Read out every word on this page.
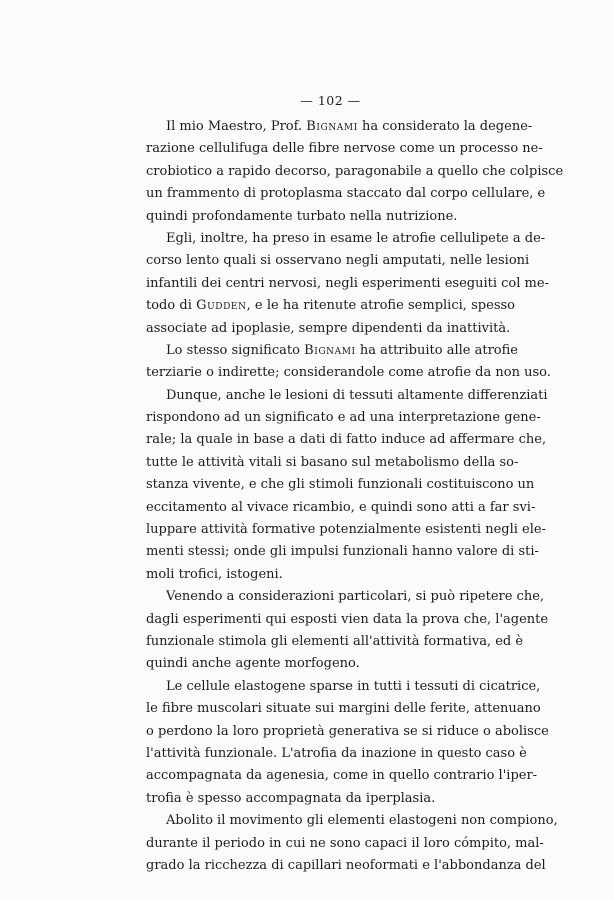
— 102 —

Il mio Maestro, Prof. Bignami ha considerato la degene-
razione cellulifuga delle fibre nervose come un processo ne-
crobiotico a rapido decorso, paragonabile a quello che colpisce
un frammento di protoplasma staccato dal corpo cellulare, e
quindi profondamente turbato nella nutrizione.

Egli, inoltre, ha preso in esame le atrofie cellulipete a de-
corso lento quali si osservano negli amputati, nelle lesioni
infantili dei centri nervosi, negli esperimenti eseguiti col me-
todo di Gudden, e le ha ritenute atrofie semplici, spesso
associate ad ipoplasie, sempre dipendenti da inattività.

Lo stesso significato Bignami ha attribuito alle atrofie
terziarie o indirette; considerandole come atrofie da non uso.

Dunque, anche le lesioni di tessuti altamente differenziati
rispondono ad un significato e ad una interpretazione gene-
rale; la quale in base a dati di fatto induce ad affermare che,
tutte le attività vitali si basano sul metabolismo della so-
stanza vivente, e che gli stimoli funzionali costituiscono un
eccitamento al vivace ricambio, e quindi sono atti a far svi-
luppare attività formative potenzialmente esistenti negli ele-
menti stessi; onde gli impulsi funzionali hanno valore di sti-
moli trofici, istogeni.

Venendo a considerazioni particolari, si può ripetere che,
dagli esperimenti qui esposti vien data la prova che, l'agente
funzionale stimola gli elementi all'attività formativa, ed è
quindi anche agente morfogeno.

Le cellule elastogene sparse in tutti i tessuti di cicatrice,
le fibre muscolari situate sui margini delle ferite, attenuano
o perdono la loro proprietà generativa se si riduce o abolisce
l'attività funzionale. L'atrofia da inazione in questo caso è
accompagnata da agenesia, come in quello contrario l'iper-
trofia è spesso accompagnata da iperplasia.

Abolito il movimento gli elementi elastogeni non compiono,
durante il periodo in cui ne sono capaci il loro cómpito, mal-
grado la ricchezza di capillari neoformati e l'abbondanza del
